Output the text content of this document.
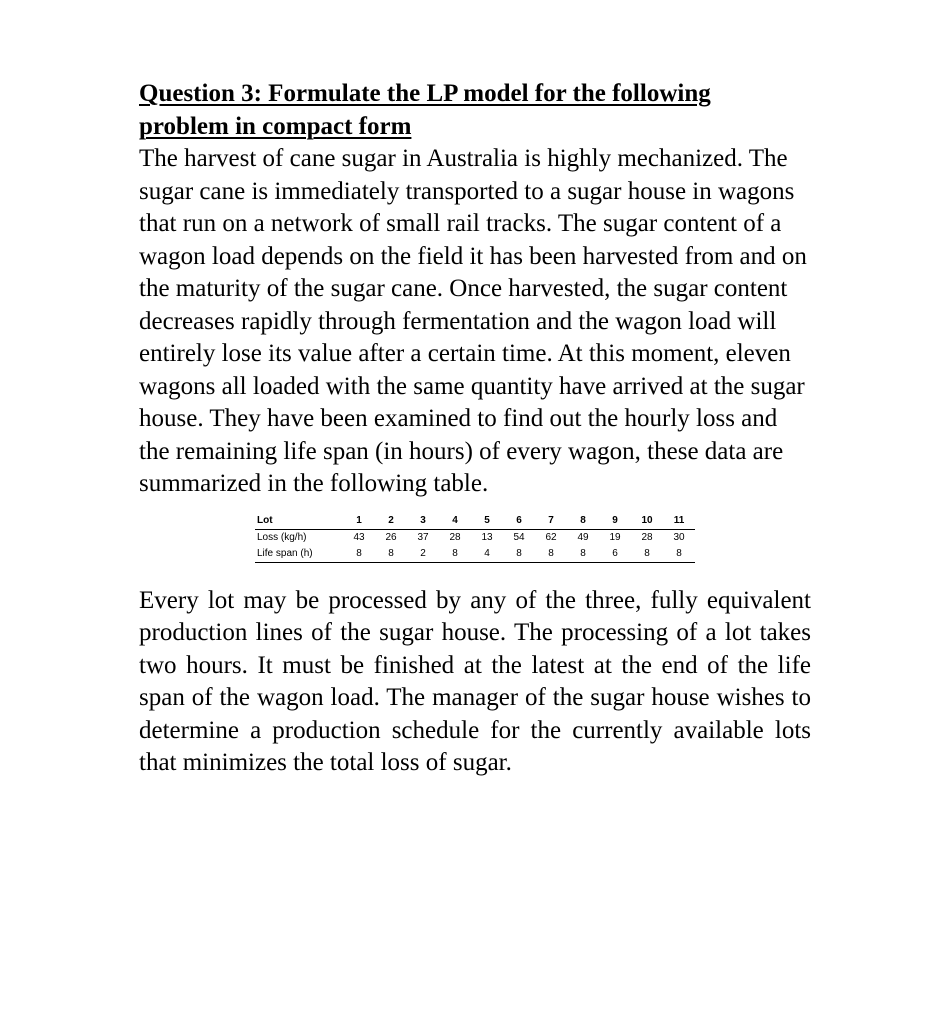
Question 3: Formulate the LP model for the following
problem in compact form

The harvest of cane sugar in Australia is highly mechanized. The sugar cane is immediately transported to a sugar house in wagons that run on a network of small rail tracks. The sugar content of a wagon load depends on the field it has been harvested from and on the maturity of the sugar cane. Once harvested, the sugar content decreases rapidly through fermentation and the wagon load will entirely lose its value after a certain time. At this moment, eleven wagons all loaded with the same quantity have arrived at the sugar house. They have been examined to find out the hourly loss and the remaining life span (in hours) of every wagon, these data are summarized in the following table.

Lot	1	2	3	4	5	6	7	8	9	10	11
Loss (kg/h)	43	26	37	28	13	54	62	49	19	28	30
Life span (h)	8	8	2	8	4	8	8	8	6	8	8

Every lot may be processed by any of the three, fully equivalent production lines of the sugar house. The processing of a lot takes two hours. It must be finished at the latest at the end of the life span of the wagon load. The manager of the sugar house wishes to determine a production schedule for the currently available lots that minimizes the total loss of sugar.
